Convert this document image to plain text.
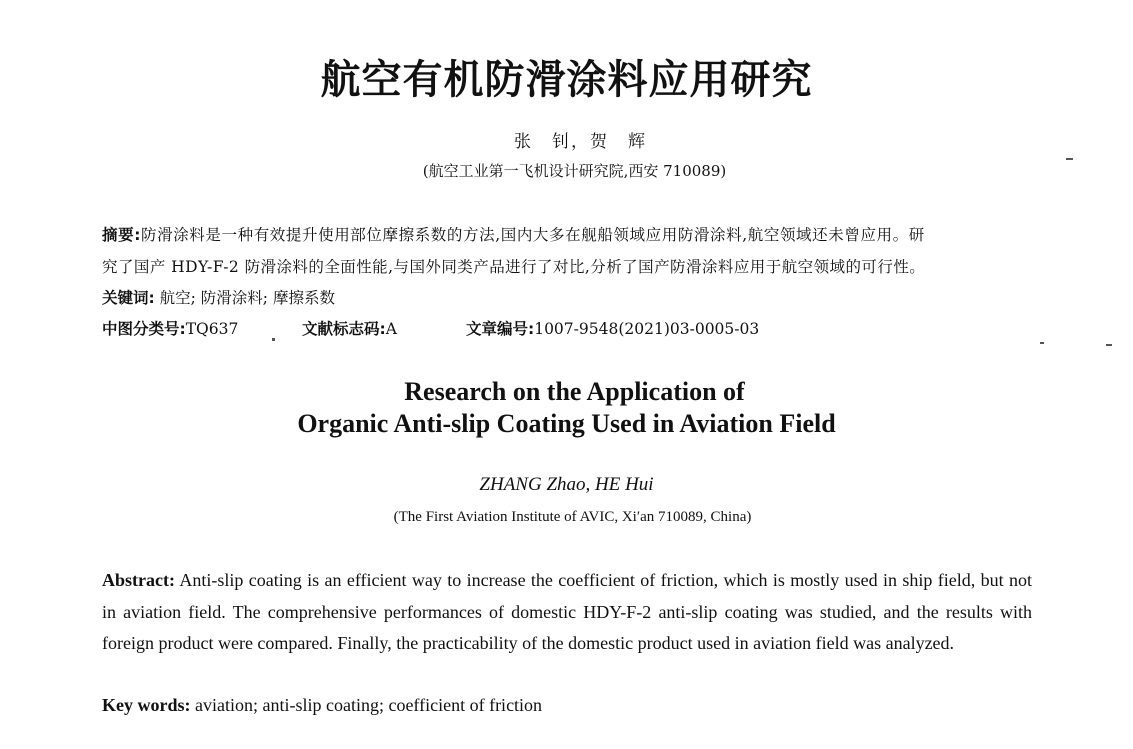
航空有机防滑涂料应用研究
张　钊，贺　辉
(航空工业第一飞机设计研究院,西安 710089)
摘要:防滑涂料是一种有效提升使用部位摩擦系数的方法,国内大多在舰船领域应用防滑涂料,航空领域还未曾应用。研
究了国产 HDY-F-2 防滑涂料的全面性能,与国外同类产品进行了对比,分析了国产防滑涂料应用于航空领域的可行性。
关键词: 航空; 防滑涂料; 摩擦系数
中图分类号:TQ637	文献标志码:A	文章编号:1007-9548(2021)03-0005-03
Research on the Application of
Organic Anti-slip Coating Used in Aviation Field
ZHANG Zhao, HE Hui
(The First Aviation Institute of AVIC, Xi′an 710089, China)

Abstract: Anti-slip coating is an efficient way to increase the coefficient of friction, which is mostly used in ship field, but not in aviation field. The comprehensive performances of domestic HDY-F-2 anti-slip coating was studied, and the results with foreign product were compared. Finally, the practicability of the domestic product used in aviation field was analyzed.

Key words: aviation; anti-slip coating; coefficient of friction
